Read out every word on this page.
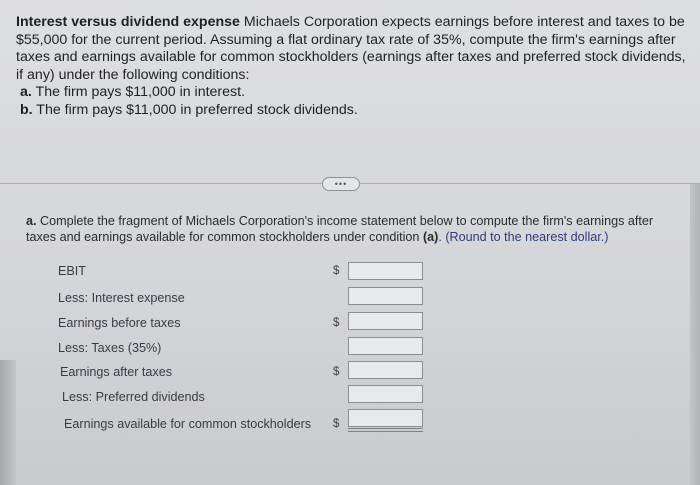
Interest versus dividend expense Michaels Corporation expects earnings before interest and taxes to be $55,000 for the current period. Assuming a flat ordinary tax rate of 35%, compute the firm's earnings after taxes and earnings available for common stockholders (earnings after taxes and preferred stock dividends, if any) under the following conditions:
a. The firm pays $11,000 in interest.
b. The firm pays $11,000 in preferred stock dividends.
•••
a. Complete the fragment of Michaels Corporation's income statement below to compute the firm's earnings after taxes and earnings available for common stockholders under condition (a). (Round to the nearest dollar.)
EBIT	$
Less: Interest expense
Earnings before taxes	$
Less: Taxes (35%)
Earnings after taxes	$
Less: Preferred dividends
Earnings available for common stockholders $
